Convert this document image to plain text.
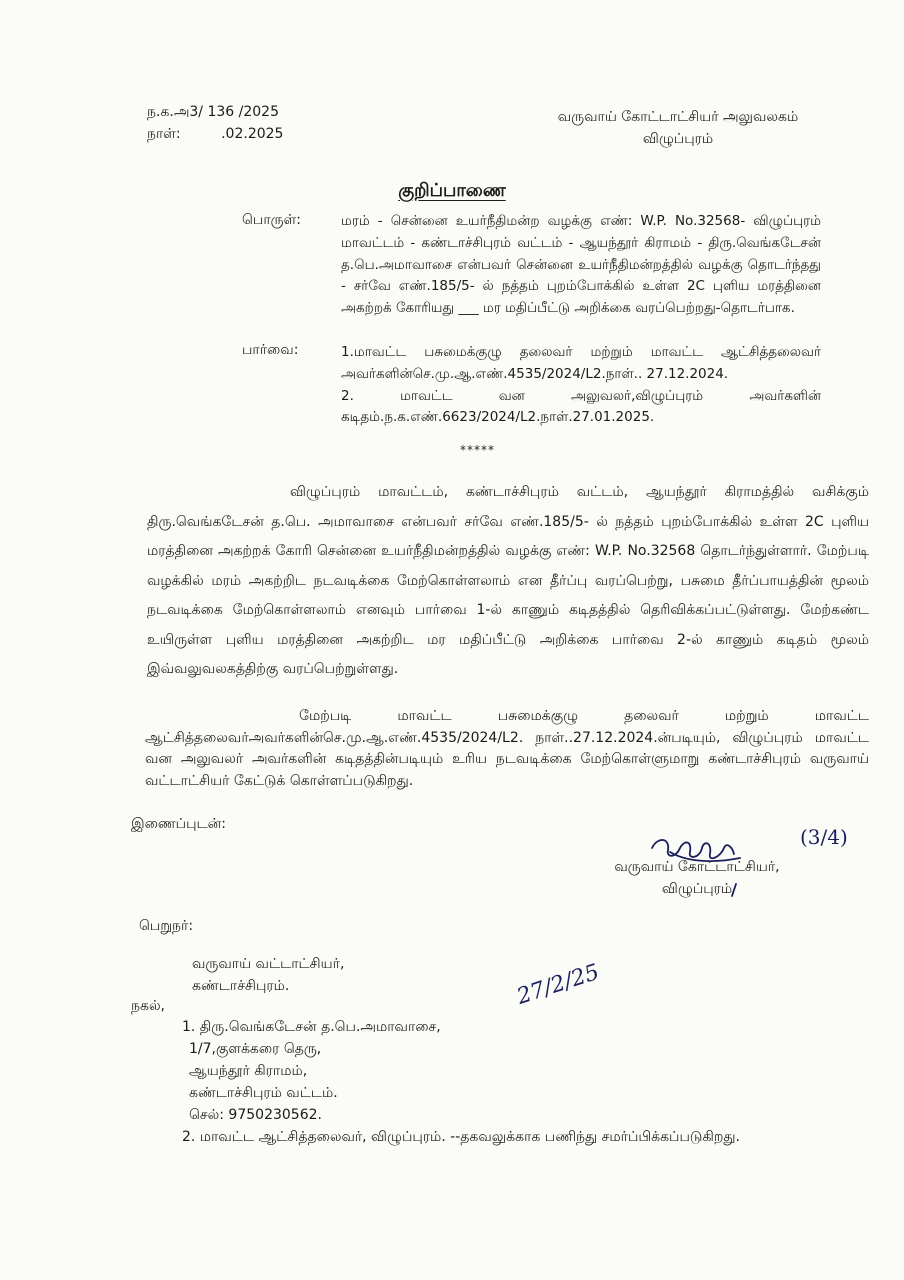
ந.க.அ3/ 136 /2025
நாள்:	.02.2025
வருவாய் கோட்டாட்சியர் அலுவலகம்
விழுப்புரம்
குறிப்பாணை
பொருள்:	மரம் - சென்னை உயர்நீதிமன்ற வழக்கு எண்: W.P. No.32568- விழுப்புரம் மாவட்டம் - கண்டாச்சிபுரம் வட்டம் - ஆயந்தூர் கிராமம் - திரு.வெங்கடேசன் த.பெ.அமாவாசை என்பவர் சென்னை உயர்நீதிமன்றத்தில் வழக்கு தொடர்ந்தது - சர்வே எண்.185/5- ல் நத்தம் புறம்போக்கில் உள்ள 2C புளிய மரத்தினை அகற்றக் கோரியது ___ மர மதிப்பீட்டு அறிக்கை வரப்பெற்றது-தொடர்பாக.
பார்வை:	1.மாவட்ட பசுமைக்குழு தலைவர் மற்றும் மாவட்ட ஆட்சித்தலைவர் அவர்களின்செ.மு.ஆ.எண்.4535/2024/L2.நாள்.. 27.12.2024.
2. மாவட்ட வன அலுவலர்,விழுப்புரம் அவர்களின் கடிதம்.ந.க.எண்.6623/2024/L2.நாள்.27.01.2025.
*****
விழுப்புரம் மாவட்டம், கண்டாச்சிபுரம் வட்டம், ஆயந்தூர் கிராமத்தில் வசிக்கும் திரு.வெங்கடேசன் த.பெ. அமாவாசை என்பவர் சர்வே எண்.185/5- ல் நத்தம் புறம்போக்கில் உள்ள 2C புளிய மரத்தினை அகற்றக் கோரி சென்னை உயர்நீதிமன்றத்தில் வழக்கு எண்: W.P. No.32568 தொடர்ந்துள்ளார். மேற்படி வழக்கில் மரம் அகற்றிட நடவடிக்கை மேற்கொள்ளலாம் என தீர்ப்பு வரப்பெற்று, பசுமை தீர்ப்பாயத்தின் மூலம் நடவடிக்கை மேற்கொள்ளலாம் எனவும் பார்வை 1-ல் காணும் கடிதத்தில் தெரிவிக்கப்பட்டுள்ளது. மேற்கண்ட உயிருள்ள புளிய மரத்தினை அகற்றிட மர மதிப்பீட்டு அறிக்கை பார்வை 2-ல் காணும் கடிதம் மூலம் இவ்வலுவலகத்திற்கு வரப்பெற்றுள்ளது.
மேற்படி மாவட்ட பசுமைக்குழு தலைவர் மற்றும் மாவட்ட ஆட்சித்தலைவர்அவர்களின்செ.மு.ஆ.எண்.4535/2024/L2. நாள்..27.12.2024.ன்படியும், விழுப்புரம் மாவட்ட வன அலுவலர் அவர்களின் கடிதத்தின்படியும் உரிய நடவடிக்கை மேற்கொள்ளுமாறு கண்டாச்சிபுரம் வருவாய் வட்டாட்சியர் கேட்டுக் கொள்ளப்படுகிறது.
இணைப்புடன்:
(3/4)
வருவாய் கோட்டாட்சியர்,
விழுப்புரம்
பெறுநர்:
வருவாய் வட்டாட்சியர்,
கண்டாச்சிபுரம்.	27/2/25
நகல்,
1. திரு.வெங்கடேசன் த.பெ.அமாவாசை,
1/7,குளக்கரை தெரு,
ஆயந்தூர் கிராமம்,
கண்டாச்சிபுரம் வட்டம்.
செல்: 9750230562.
2. மாவட்ட ஆட்சித்தலைவர், விழுப்புரம். --தகவலுக்காக பணிந்து சமர்ப்பிக்கப்படுகிறது.
